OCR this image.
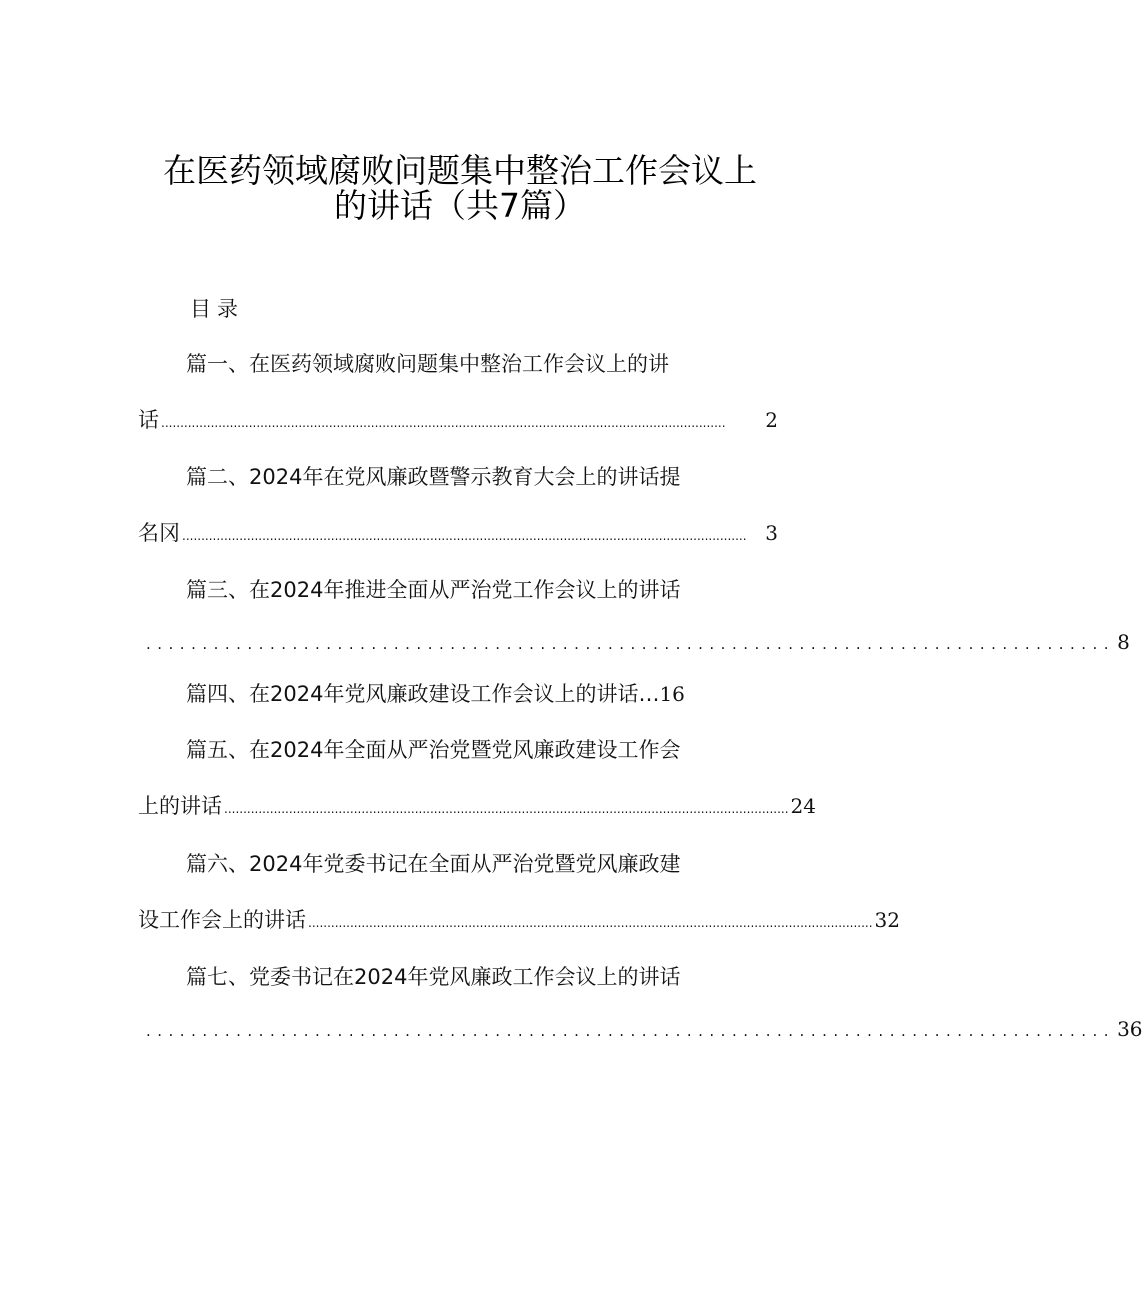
在医药领域腐败问题集中整治工作会议上
的讲话（共7篇）
目录
篇一、在医药领域腐败问题集中整治工作会议上的讲
话 ....................................................................................................................................................	2
篇二、2024年在党风廉政暨警示教育大会上的讲话提
名冈 .................................................................................................................................................... 3
篇三、在2024年推进全面从严治党工作会议上的讲话
...................................................................................... 8
篇四、在2024年党风廉政建设工作会议上的讲话…16
篇五、在2024年全面从严治党暨党风廉政建设工作会
上的讲话 .................................................................................................................................................... 24
篇六、2024年党委书记在全面从严治党暨党风廉政建
设工作会上的讲话 .................................................................................................................................................... 32
篇七、党委书记在2024年党风廉政工作会议上的讲话
...................................................................................... 36
